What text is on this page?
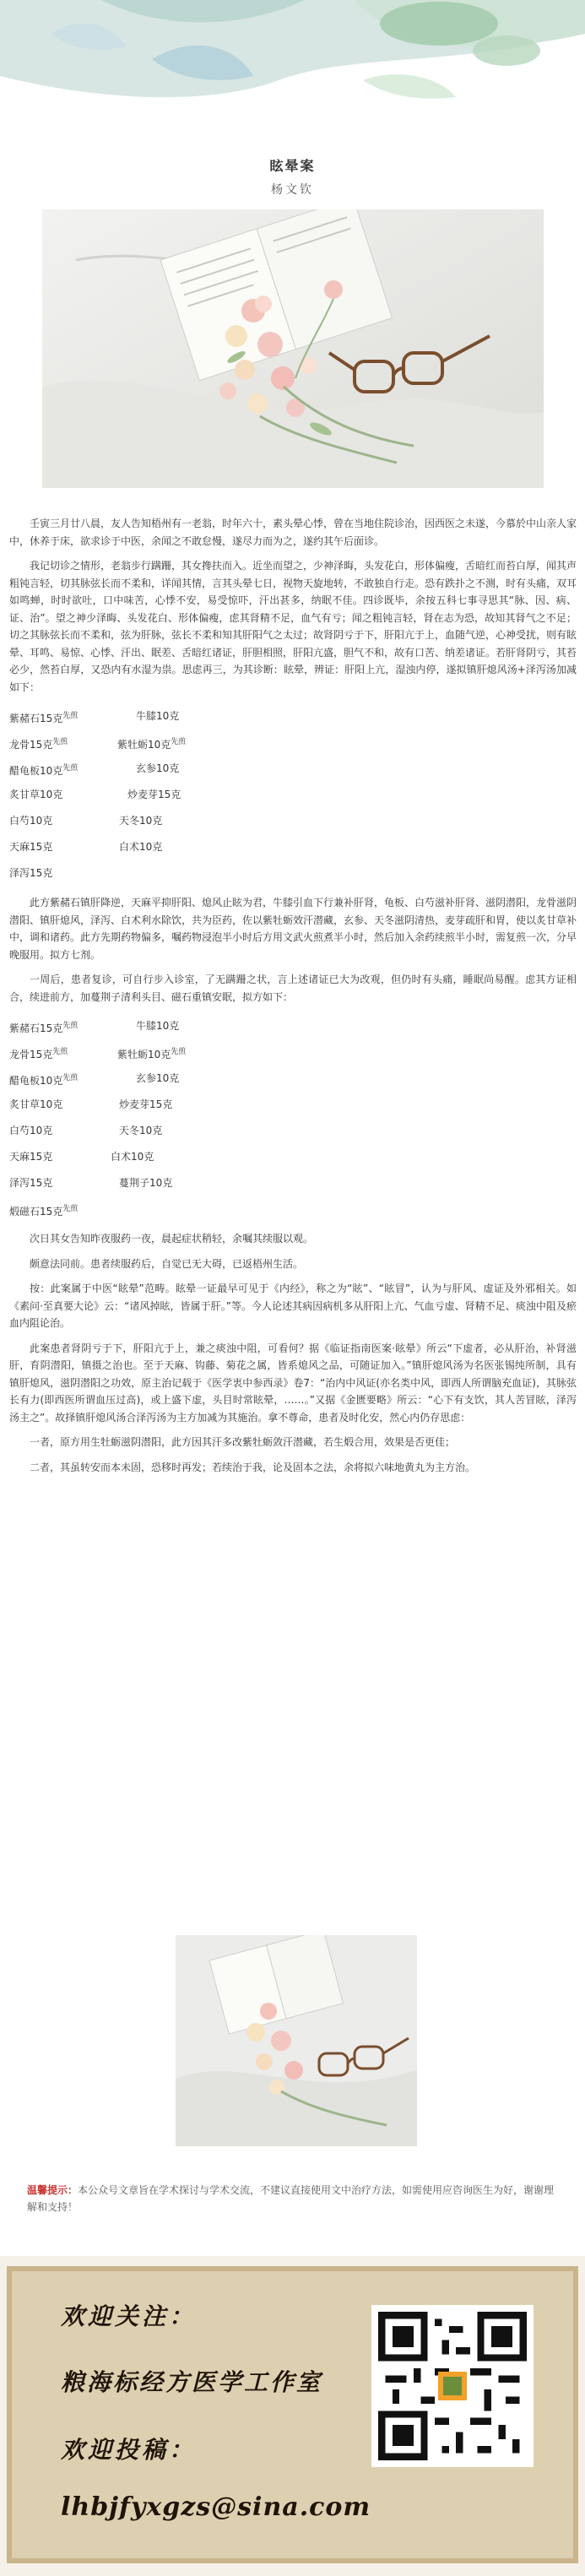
眩晕案
杨文钦

壬寅三月廿八晨，友人告知梧州有一老翁，时年六十，素头晕心悸，曾在当地住院诊治，因西医之未遂，今慕於中山亲人家中，休养于床，欲求诊于中医，余闻之不敢怠慢，遂尽力而为之，遂约其午后面诊。

我记切诊之情形，老翁步行蹒跚，其女搀扶而入。近坐而望之，少神泽晦，头发花白，形体偏瘦，舌暗红而苔白厚，闻其声粗钝言轻，切其脉弦长而不柔和，详闻其情，言其头晕七日，视物天旋地转，不敢独自行走。恐有跌扑之不测，时有头痛，双耳如鸣蝉，时时欲吐，口中味苦，心悸不安，易受惊吓，汗出甚多，纳眠不佳。四诊既毕，余按五科七事寻思其“脉、因、病、证、治”。望之神少泽晦、头发花白、形体偏瘦，虑其肾精不足，血气有亏；闻之粗钝言轻，肾在志为恐，故知其肾气之不足；切之其脉弦长而不柔和，弦为肝脉，弦长不柔和知其肝阳气之太过；故肾阴亏于下，肝阳亢于上，血随气逆，心神受扰，则有眩晕、耳鸣、易惊、心悸、汗出、眠差、舌暗红诸证，肝胆相照，肝阳亢盛，胆气不和，故有口苦、纳差诸证。若肝肾阴亏，其苔必少，然苔白厚，又恐内有水湿为祟。思虑再三，为其诊断：眩晕，辨证：肝阳上亢，湿浊内停，遂拟镇肝熄风汤+泽泻汤加减如下：

紫赭石15克$^{先煎}$	牛膝10克
龙骨15克$^{先煎}$	紫牡蛎10克$^{先煎}$
醋龟板10克$^{先煎}$	玄参10克
炙甘草10克	炒麦芽15克
白芍10克	天冬10克
天麻15克	白术10克
泽泻15克

此方紫赭石镇肝降逆，天麻平抑肝阳、熄风止眩为君，牛膝引血下行兼补肝肾，龟板、白芍滋补肝肾、滋阴潜阳，龙骨滋阴潜阳、镇肝熄风，泽泻、白术利水除饮，共为臣药，佐以紫牡蛎效汗潜藏，玄参、天冬滋阴清热，麦芽疏肝和胃，使以炙甘草补中，调和诸药。此方先期药物偏多，嘱药物浸泡半小时后方用文武火煎煮半小时，然后加入余药续煎半小时，需复煎一次，分早晚服用。拟方七剂。

一周后，患者复诊，可自行步入诊室，了无蹒跚之状，言上述诸证已大为改观，但仍时有头痛，睡眠尚易醒。虑其方证相合，续进前方，加蔓荆子清利头目、磁石重镇安眠，拟方如下：

紫赭石15克$^{先煎}$	牛膝10克
龙骨15克$^{先煎}$	紫牡蛎10克$^{先煎}$
醋龟板10克$^{先煎}$	玄参10克
炙甘草10克	炒麦芽15克
白芍10克	天冬10克
天麻15克	白术10克
泽泻15克	蔓荆子10克
煅磁石15克$^{先煎}$

次日其女告知昨夜服药一夜，晨起症状稍轻，余嘱其续服以观。

颇意法同前。患者续服药后，自觉已无大碍，已返梧州生活。

按：此案属于中医“眩晕”范畴。眩晕一证最早可见于《内经》，称之为“眩”、“眩冒”，认为与肝风、虚证及外邪相关。如《素问·至真要大论》云：“诸风掉眩，皆属于肝。”等。今人论述其病因病机多从肝阳上亢、气血亏虚、肾精不足、痰浊中阻及瘀血内阻论治。

此案患者肾阴亏于下，肝阳亢于上，兼之痰浊中阻，可看何？据《临证指南医案·眩晕》所云“下虚者，必从肝治，补肾滋肝，育阴潜阳，镇摄之治也。至于天麻、钩藤、菊花之属，皆系熄风之品，可随证加入。”镇肝熄风汤为名医张锡纯所制，具有镇肝熄风，滋阴潜阳之功效，原主治记载于《医学衷中参西录》卷7：“治内中风证(亦名类中风，即西人所谓脑充血证)，其脉弦长有力(即西医所谓血压过高)，或上盛下虚，头目时常眩晕，……。”又据《金匮要略》所云：“心下有支饮，其人苦冒眩，泽泻汤主之”。故择镇肝熄风汤合泽泻汤为主方加减为其施治。拿不尊命，患者及时化安，然心内仍存思虑：

一者，原方用生牡蛎滋阴潜阳，此方因其汗多改紫牡蛎敛汗潜藏，若生煅合用，效果是否更佳；

二者，其虽转安而本未固，恐移时再发；若续治于我，论及固本之法，余将拟六味地黄丸为主方治。

温馨提示：本公众号文章旨在学术探讨与学术交流，不建议直接使用文中治疗方法，如需使用应咨询医生为好，谢谢理解和支持！
欢迎关注：
粮海标经方医学工作室
欢迎投稿：
lhbjfyxgzs@sina.com
